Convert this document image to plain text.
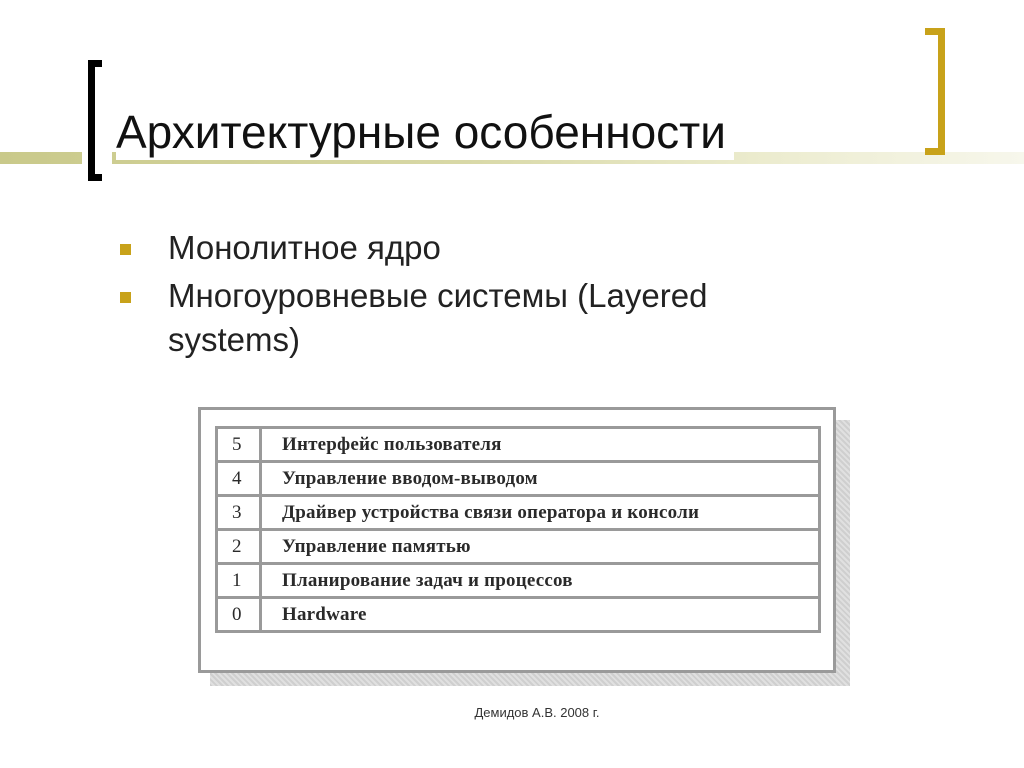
Архитектурные особенности
Монолитное ядро
Многоуровневые системы (Layered systems)
5	Интерфейс пользователя
4	Управление вводом-выводом
3	Драйвер устройства связи оператора и консоли
2	Управление памятью
1	Планирование задач и процессов
0	Hardware
Демидов А.В. 2008 г.
